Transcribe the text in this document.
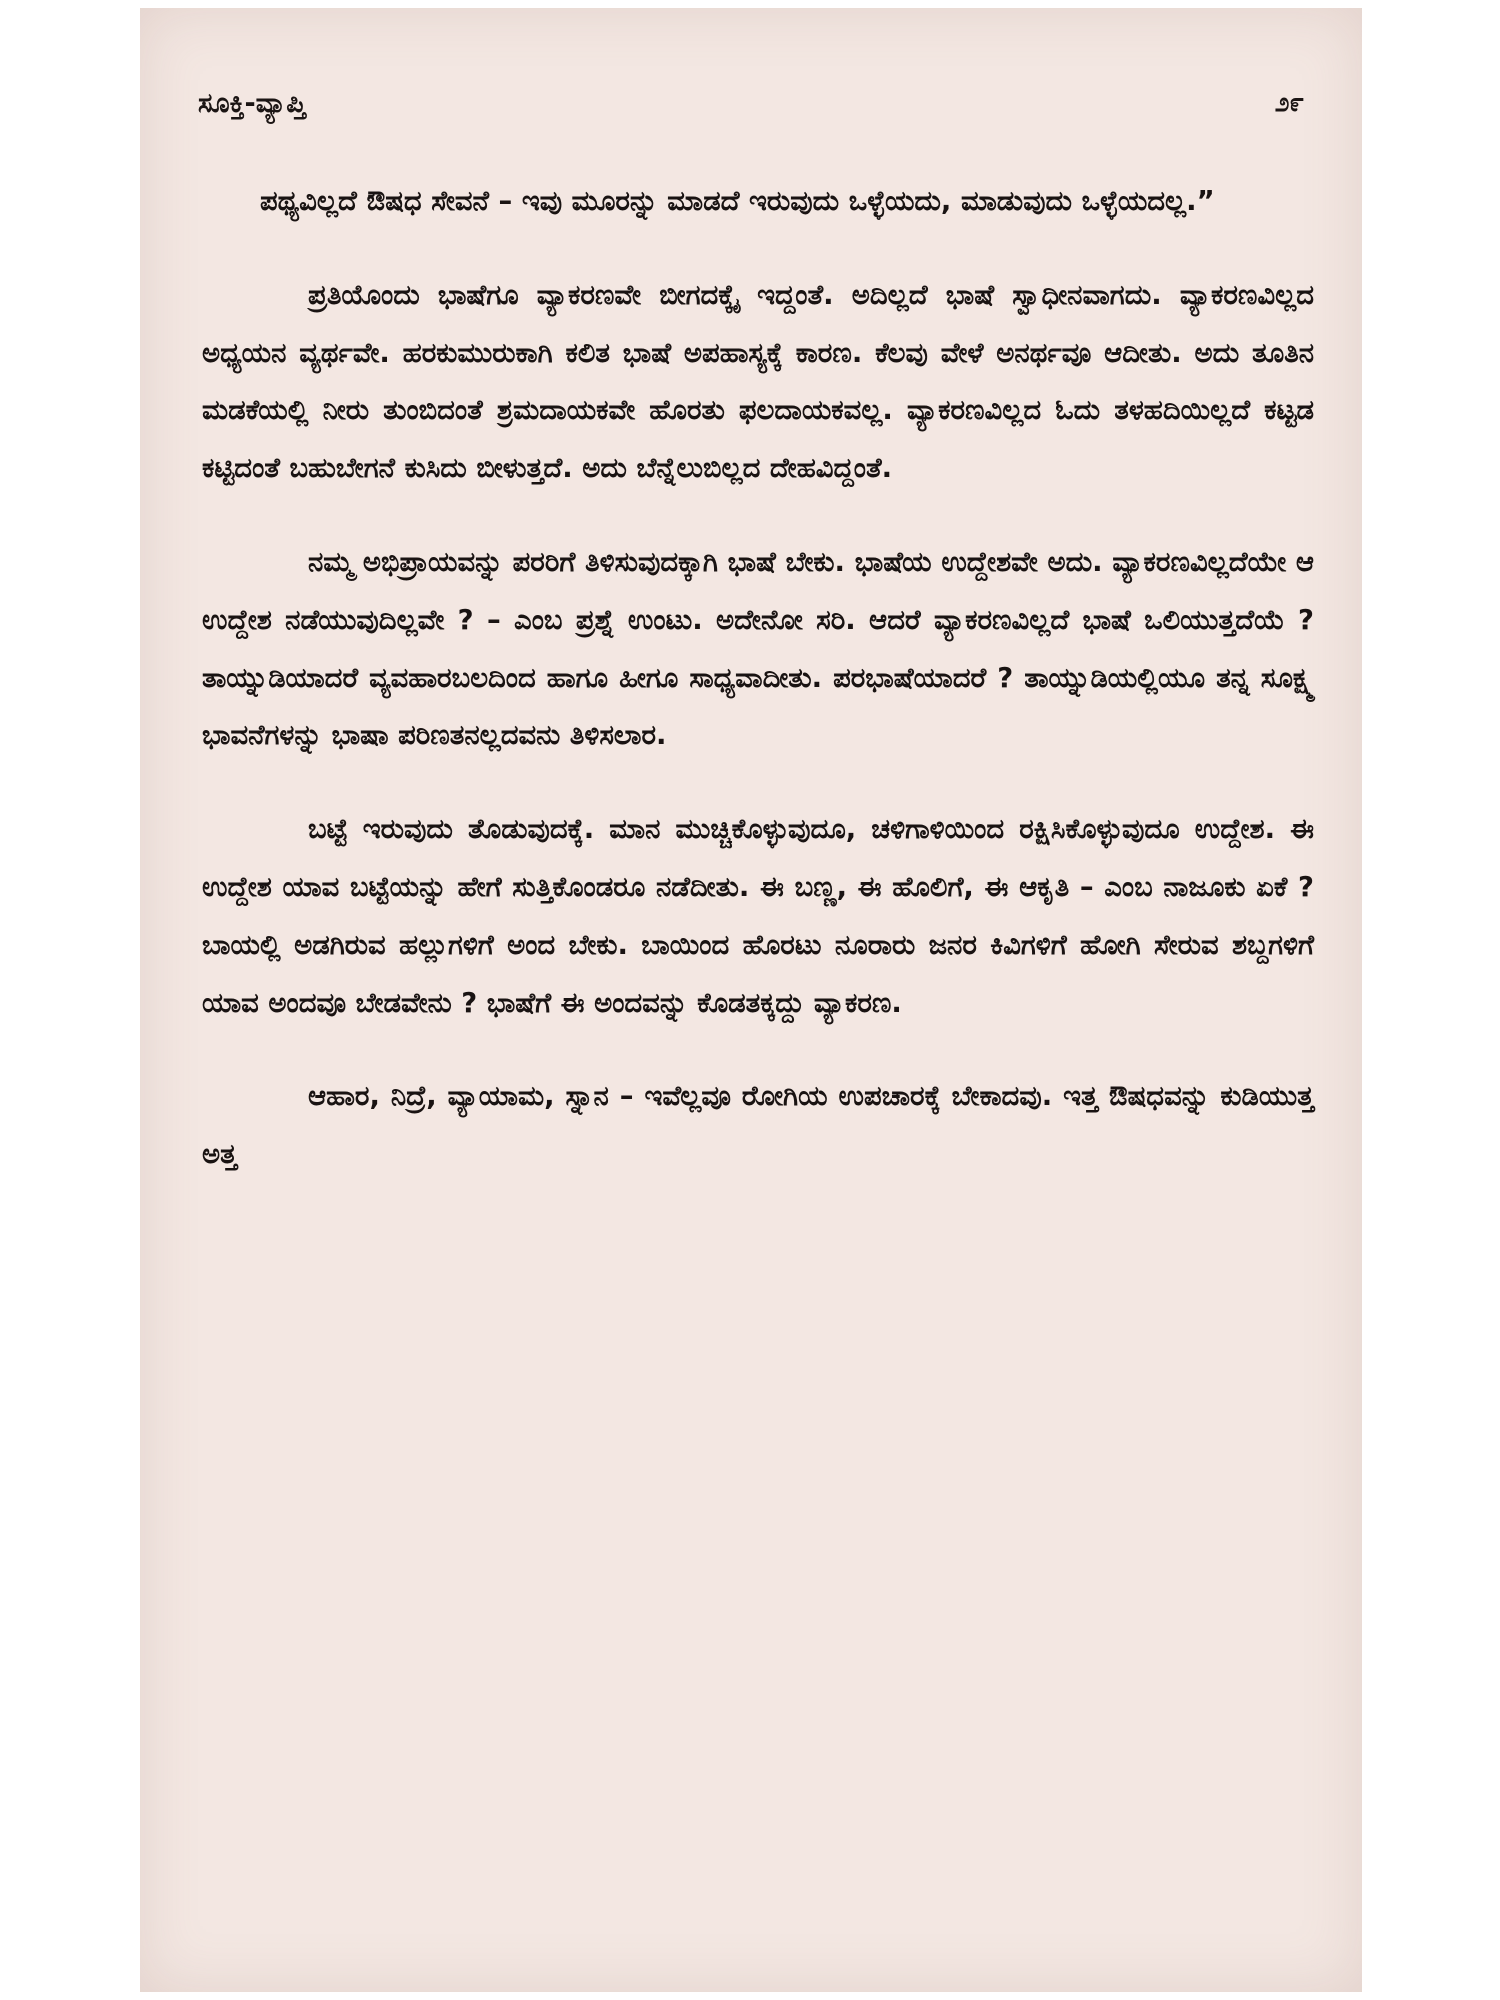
ಸೂಕ್ತಿ-ವ್ಯಾಪ್ತಿ	೨೯

ಪಥ್ಯವಿಲ್ಲದೆ ಔಷಧ ಸೇವನೆ – ಇವು ಮೂರನ್ನು ಮಾಡದೆ ಇರುವುದು ಒಳ್ಳೆಯದು, ಮಾಡುವುದು ಒಳ್ಳೆಯದಲ್ಲ.”

ಪ್ರತಿಯೊಂದು ಭಾಷೆಗೂ ವ್ಯಾಕರಣವೇ ಬೀಗದಕ್ಕೈ ಇದ್ದಂತೆ. ಅದಿಲ್ಲದೆ ಭಾಷೆ ಸ್ವಾಧೀನವಾಗದು. ವ್ಯಾಕರಣವಿಲ್ಲದ ಅಧ್ಯಯನ ವ್ಯರ್ಥವೇ. ಹರಕುಮುರುಕಾಗಿ ಕಲಿತ ಭಾಷೆ ಅಪಹಾಸ್ಯಕ್ಕೆ ಕಾರಣ. ಕೆಲವು ವೇಳೆ ಅನರ್ಥವೂ ಆದೀತು. ಅದು ತೂತಿನ ಮಡಕೆಯಲ್ಲಿ ನೀರು ತುಂಬಿದಂತೆ ಶ್ರಮದಾಯಕವೇ ಹೊರತು ಫಲದಾಯಕವಲ್ಲ. ವ್ಯಾಕರಣವಿಲ್ಲದ ಓದು ತಳಹದಿಯಿಲ್ಲದೆ ಕಟ್ಟಡ ಕಟ್ಟಿದಂತೆ ಬಹುಬೇಗನೆ ಕುಸಿದು ಬೀಳುತ್ತದೆ. ಅದು ಬೆನ್ನೆಲುಬಿಲ್ಲದ ದೇಹವಿದ್ದಂತೆ.

ನಮ್ಮ ಅಭಿಪ್ರಾಯವನ್ನು ಪರರಿಗೆ ತಿಳಿಸುವುದಕ್ಕಾಗಿ ಭಾಷೆ ಬೇಕು. ಭಾಷೆಯ ಉದ್ದೇಶವೇ ಅದು. ವ್ಯಾಕರಣವಿಲ್ಲದೆಯೇ ಆ ಉದ್ದೇಶ ನಡೆಯುವುದಿಲ್ಲವೇ ? – ಎಂಬ ಪ್ರಶ್ನೆ ಉಂಟು. ಅದೇನೋ ಸರಿ. ಆದರೆ ವ್ಯಾಕರಣವಿಲ್ಲದೆ ಭಾಷೆ ಒಲಿಯುತ್ತದೆಯೆ ? ತಾಯ್ನುಡಿಯಾದರೆ ವ್ಯವಹಾರಬಲದಿಂದ ಹಾಗೂ ಹೀಗೂ ಸಾಧ್ಯವಾದೀತು. ಪರಭಾಷೆಯಾದರೆ ? ತಾಯ್ನುಡಿಯಲ್ಲಿಯೂ ತನ್ನ ಸೂಕ್ಷ್ಮ ಭಾವನೆಗಳನ್ನು ಭಾಷಾ ಪರಿಣತನಲ್ಲದವನು ತಿಳಿಸಲಾರ.

ಬಟ್ಟೆ ಇರುವುದು ತೊಡುವುದಕ್ಕೆ. ಮಾನ ಮುಚ್ಚಿಕೊಳ್ಳುವುದೂ, ಚಳಿಗಾಳಿಯಿಂದ ರಕ್ಷಿಸಿಕೊಳ್ಳುವುದೂ ಉದ್ದೇಶ. ಈ ಉದ್ದೇಶ ಯಾವ ಬಟ್ಟೆಯನ್ನು ಹೇಗೆ ಸುತ್ತಿಕೊಂಡರೂ ನಡೆದೀತು. ಈ ಬಣ್ಣ, ಈ ಹೊಲಿಗೆ, ಈ ಆಕೃತಿ – ಎಂಬ ನಾಜೂಕು ಏಕೆ ? ಬಾಯಲ್ಲಿ ಅಡಗಿರುವ ಹಲ್ಲುಗಳಿಗೆ ಅಂದ ಬೇಕು. ಬಾಯಿಂದ ಹೊರಟು ನೂರಾರು ಜನರ ಕಿವಿಗಳಿಗೆ ಹೋಗಿ ಸೇರುವ ಶಬ್ದಗಳಿಗೆ ಯಾವ ಅಂದವೂ ಬೇಡವೇನು ? ಭಾಷೆಗೆ ಈ ಅಂದವನ್ನು ಕೊಡತಕ್ಕದ್ದು ವ್ಯಾಕರಣ.

ಆಹಾರ, ನಿದ್ರೆ, ವ್ಯಾಯಾಮ, ಸ್ನಾನ – ಇವೆಲ್ಲವೂ ರೋಗಿಯ ಉಪಚಾರಕ್ಕೆ ಬೇಕಾದವು. ಇತ್ತ ಔಷಧವನ್ನು ಕುಡಿಯುತ್ತ ಅತ್ತ
